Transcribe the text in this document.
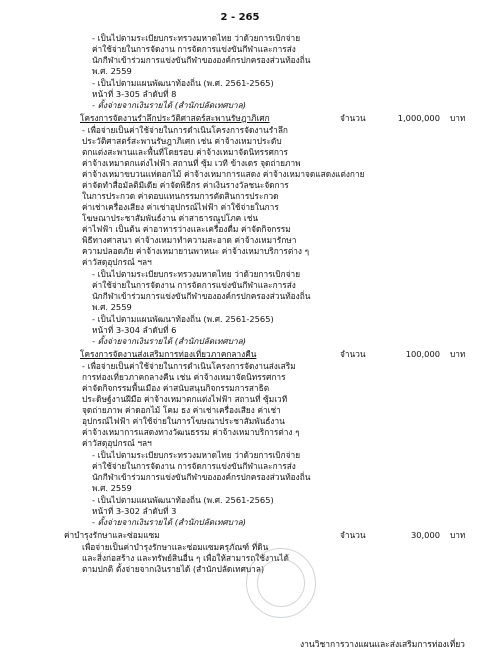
2 - 265
- เป็นไปตามระเบียบกระทรวงมหาดไทย ว่าด้วยการเบิกจ่าย
ค่าใช้จ่ายในการจัดงาน การจัดการแข่งขันกีฬาและการส่ง
นักกีฬาเข้าร่วมการแข่งขันกีฬาขององค์กรปกครองส่วนท้องถิ่น
พ.ศ. 2559
- เป็นไปตามแผนพัฒนาท้องถิ่น (พ.ศ. 2561-2565)
หน้าที่ 3-305 ลำดับที่ 8
- ตั้งจ่ายจากเงินรายได้ (สำนักปลัดเทศบาล)
โครงการจัดงานรำลึกประวัติศาสตร์สะพานรัษฎาภิเศก	จำนวน	1,000,000 บาท
- เพื่อจ่ายเป็นค่าใช้จ่ายในการดำเนินโครงการจัดงานรำลึก
ประวัติศาสตร์สะพานรัษฎาภิเศก เช่น ค่าจ้างเหมาประดับ
ตกแต่งสะพานและพื้นที่โดยรอบ ค่าจ้างเหมาจัดนิทรรศการ
ค่าจ้างเหมาตกแต่งไฟฟ้า สถานที่ ซุ้ม เวที ข้างเดร จุดถ่ายภาพ
ค่าจ้างเหมาขบวนแห่ดอกไม้ ค่าจ้างเหมาการแสดง ค่าจ้างเหมาจดแสดงแต่งกาย
ค่าจัดทำสื่อมัลติมีเดีย ค่าจัดพิธีกร ค่าเงินรางวัลชนะจัดการ
ในการประกวด ค่าตอบแทนกรรมการตัดสินการประกวด
ค่าเช่าเครื่องเสียง ค่าเช่าอุปกรณ์ไฟฟ้า ค่าใช้จ่ายในการ
โฆษณาประชาสัมพันธ์งาน ค่าสาธารณูปโภค เช่น
ค่าไฟฟ้า เป็นต้น ค่าอาหารว่างและเครื่องดื่ม ค่าจัดกิจกรรม
พิธีทางศาสนา ค่าจ้างเหมาทำความสะอาด ค่าจ้างเหมารักษา
ความปลอดภัย ค่าจ้างเหมายานพาหนะ ค่าจ้างเหมาบริการต่าง ๆ
ค่าวัสดุอุปกรณ์ ฯลฯ
- เป็นไปตามระเบียบกระทรวงมหาดไทย ว่าด้วยการเบิกจ่าย
ค่าใช้จ่ายในการจัดงาน การจัดการแข่งขันกีฬาและการส่ง
นักกีฬาเข้าร่วมการแข่งขันกีฬาขององค์กรปกครองส่วนท้องถิ่น
พ.ศ. 2559
- เป็นไปตามแผนพัฒนาท้องถิ่น (พ.ศ. 2561-2565)
หน้าที่ 3-304 ลำดับที่ 6
- ตั้งจ่ายจากเงินรายได้ (สำนักปลัดเทศบาล)
โครงการจัดงานส่งเสริมการท่องเที่ยวภาคกลางคืน	จำนวน	100,000 บาท
- เพื่อจ่ายเป็นค่าใช้จ่ายในการดำเนินโครงการจัดงานส่งเสริม
การท่องเที่ยวภาคกลางคืน เช่น ค่าจ้างเหมาจัดนิทรรศการ
ค่าจัดกิจกรรมพื้นเมือง ค่าสนับสนุนกิจกรรมการสาธิต
ประดิษฐ์งานฝีมือ ค่าจ้างเหมาตกแต่งไฟฟ้า สถานที่ ซุ้มเวที
จุดถ่ายภาพ ค่าดอกไม้ โคม ธง ค่าเช่าเครื่องเสียง ค่าเช่า
อุปกรณ์ไฟฟ้า ค่าใช้จ่ายในการโฆษณาประชาสัมพันธ์งาน
ค่าจ้างเหมาการแสดงทางวัฒนธรรม ค่าจ้างเหมาบริการต่าง ๆ
ค่าวัสดุอุปกรณ์ ฯลฯ
- เป็นไปตามระเบียบกระทรวงมหาดไทย ว่าด้วยการเบิกจ่าย
ค่าใช้จ่ายในการจัดงาน การจัดการแข่งขันกีฬาและการส่ง
นักกีฬาเข้าร่วมการแข่งขันกีฬาขององค์กรปกครองส่วนท้องถิ่น
พ.ศ. 2559
- เป็นไปตามแผนพัฒนาท้องถิ่น (พ.ศ. 2561-2565)
หน้าที่ 3-302 ลำดับที่ 3
- ตั้งจ่ายจากเงินรายได้ (สำนักปลัดเทศบาล)
ค่าบำรุงรักษาและซ่อมแซม	จำนวน	30,000 บาท
เพื่อจ่ายเป็นค่าบำรุงรักษาและซ่อมแซมครุภัณฑ์ ที่ดิน
และสิ่งก่อสร้าง และทรัพย์สินอื่น ๆ เพื่อให้สามารถใช้งานได้
ตามปกติ ตั้งจ่ายจากเงินรายได้ (สำนักปลัดเทศบาล)
งานวิชาการวางแผนและส่งเสริมการท่องเที่ยว
